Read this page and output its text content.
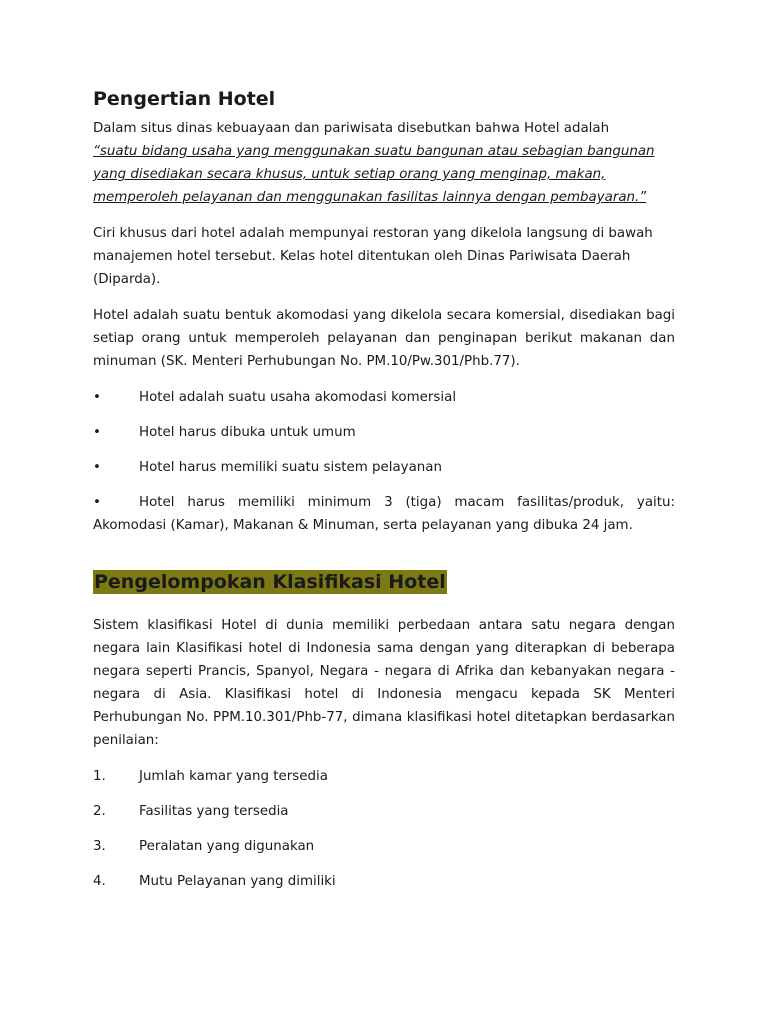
Pengertian Hotel

Dalam situs dinas kebuayaan dan pariwisata disebutkan bahwa Hotel adalah

“suatu bidang usaha yang menggunakan suatu bangunan atau sebagian bangunan yang disediakan secara khusus, untuk setiap orang yang menginap, makan, memperoleh pelayanan dan menggunakan fasilitas lainnya dengan pembayaran.”

Ciri khusus dari hotel adalah mempunyai restoran yang dikelola langsung di bawah manajemen hotel tersebut. Kelas hotel ditentukan oleh Dinas Pariwisata Daerah (Diparda).

Hotel adalah suatu bentuk akomodasi yang dikelola secara komersial, disediakan bagi setiap orang untuk memperoleh pelayanan dan penginapan berikut makanan dan minuman (SK. Menteri Perhubungan No. PM.10/Pw.301/Phb.77).

•	Hotel adalah suatu usaha akomodasi komersial
•	Hotel harus dibuka untuk umum
•	Hotel harus memiliki suatu sistem pelayanan
•	Hotel harus memiliki minimum 3 (tiga) macam fasilitas/produk, yaitu: Akomodasi (Kamar), Makanan & Minuman, serta pelayanan yang dibuka 24 jam.
Pengelompokan Klasifikasi Hotel

Sistem klasifikasi Hotel di dunia memiliki perbedaan antara satu negara dengan negara lain Klasifikasi hotel di Indonesia sama dengan yang diterapkan di beberapa negara seperti Prancis, Spanyol, Negara - negara di Afrika dan kebanyakan negara - negara di Asia. Klasifikasi hotel di Indonesia mengacu kepada SK Menteri Perhubungan No. PPM.10.301/Phb-77, dimana klasifikasi hotel ditetapkan berdasarkan penilaian:

1.	Jumlah kamar yang tersedia
2.	Fasilitas yang tersedia
3.	Peralatan yang digunakan
4.	Mutu Pelayanan yang dimiliki
